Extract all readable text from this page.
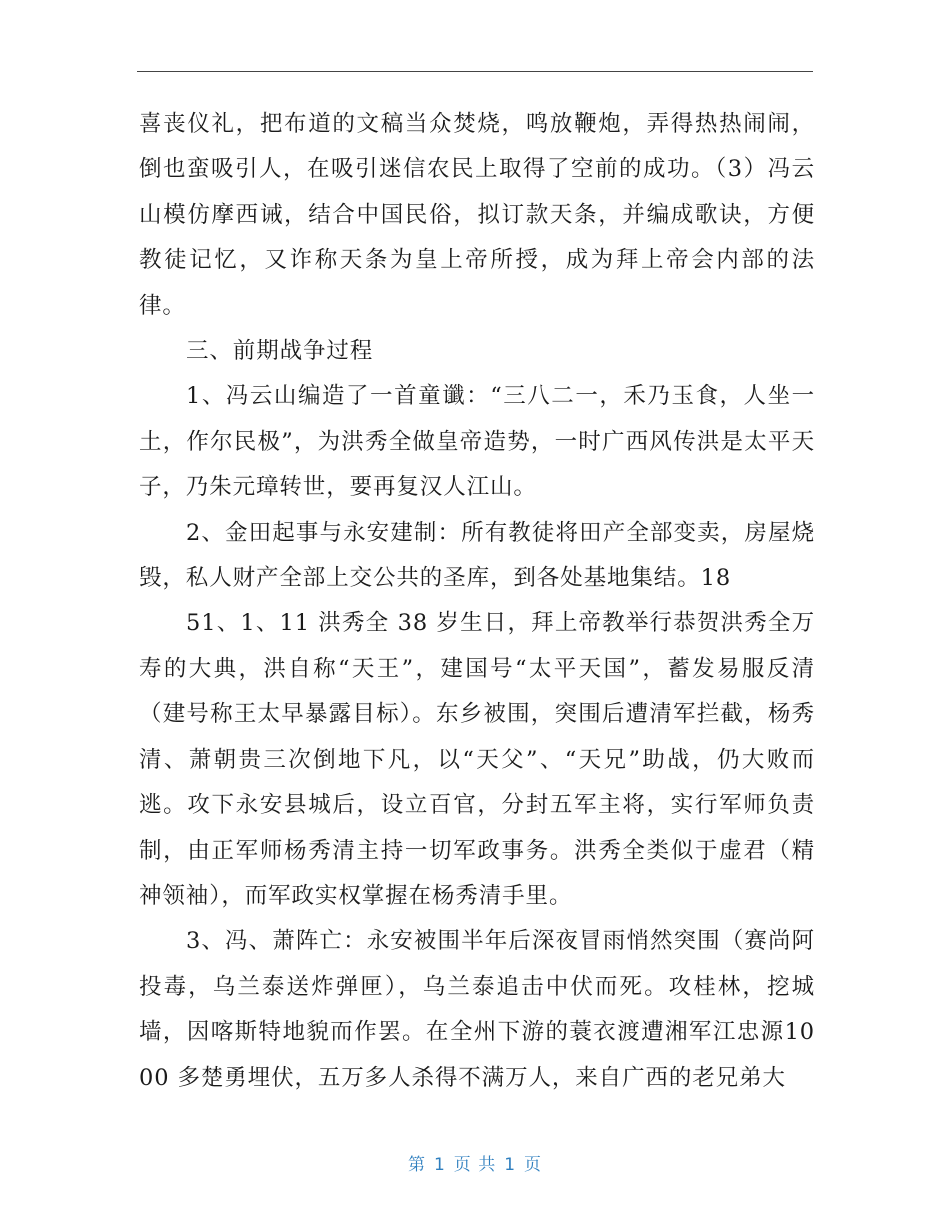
喜丧仪礼，把布道的文稿当众焚烧，鸣放鞭炮，弄得热热闹闹，倒也蛮吸引人，在吸引迷信农民上取得了空前的成功。（3）冯云山模仿摩西诫，结合中国民俗，拟订款天条，并编成歌诀，方便教徒记忆，又诈称天条为皇上帝所授，成为拜上帝会内部的法律。

三、前期战争过程

1、冯云山编造了一首童谶：“三八二一，禾乃玉食，人坐一土，作尔民极”，为洪秀全做皇帝造势，一时广西风传洪是太平天子，乃朱元璋转世，要再复汉人江山。

2、金田起事与永安建制：所有教徒将田产全部变卖，房屋烧毁，私人财产全部上交公共的圣库，到各处基地集结。18

51、1、11 洪秀全 38 岁生日，拜上帝教举行恭贺洪秀全万寿的大典，洪自称“天王”，建国号“太平天国”，蓄发易服反清（建号称王太早暴露目标）。东乡被围，突围后遭清军拦截，杨秀清、萧朝贵三次倒地下凡，以“天父”、“天兄”助战，仍大败而逃。攻下永安县城后，设立百官，分封五军主将，实行军师负责制，由正军师杨秀清主持一切军政事务。洪秀全类似于虚君（精神领袖），而军政实权掌握在杨秀清手里。

3、冯、萧阵亡：永安被围半年后深夜冒雨悄然突围（赛尚阿投毒，乌兰泰送炸弹匣），乌兰泰追击中伏而死。攻桂林，挖城墙，因喀斯特地貌而作罢。在全州下游的蓑衣渡遭湘军江忠源1000 多楚勇埋伏，五万多人杀得不满万人，来自广西的老兄弟大

第 1 页 共 1 页
